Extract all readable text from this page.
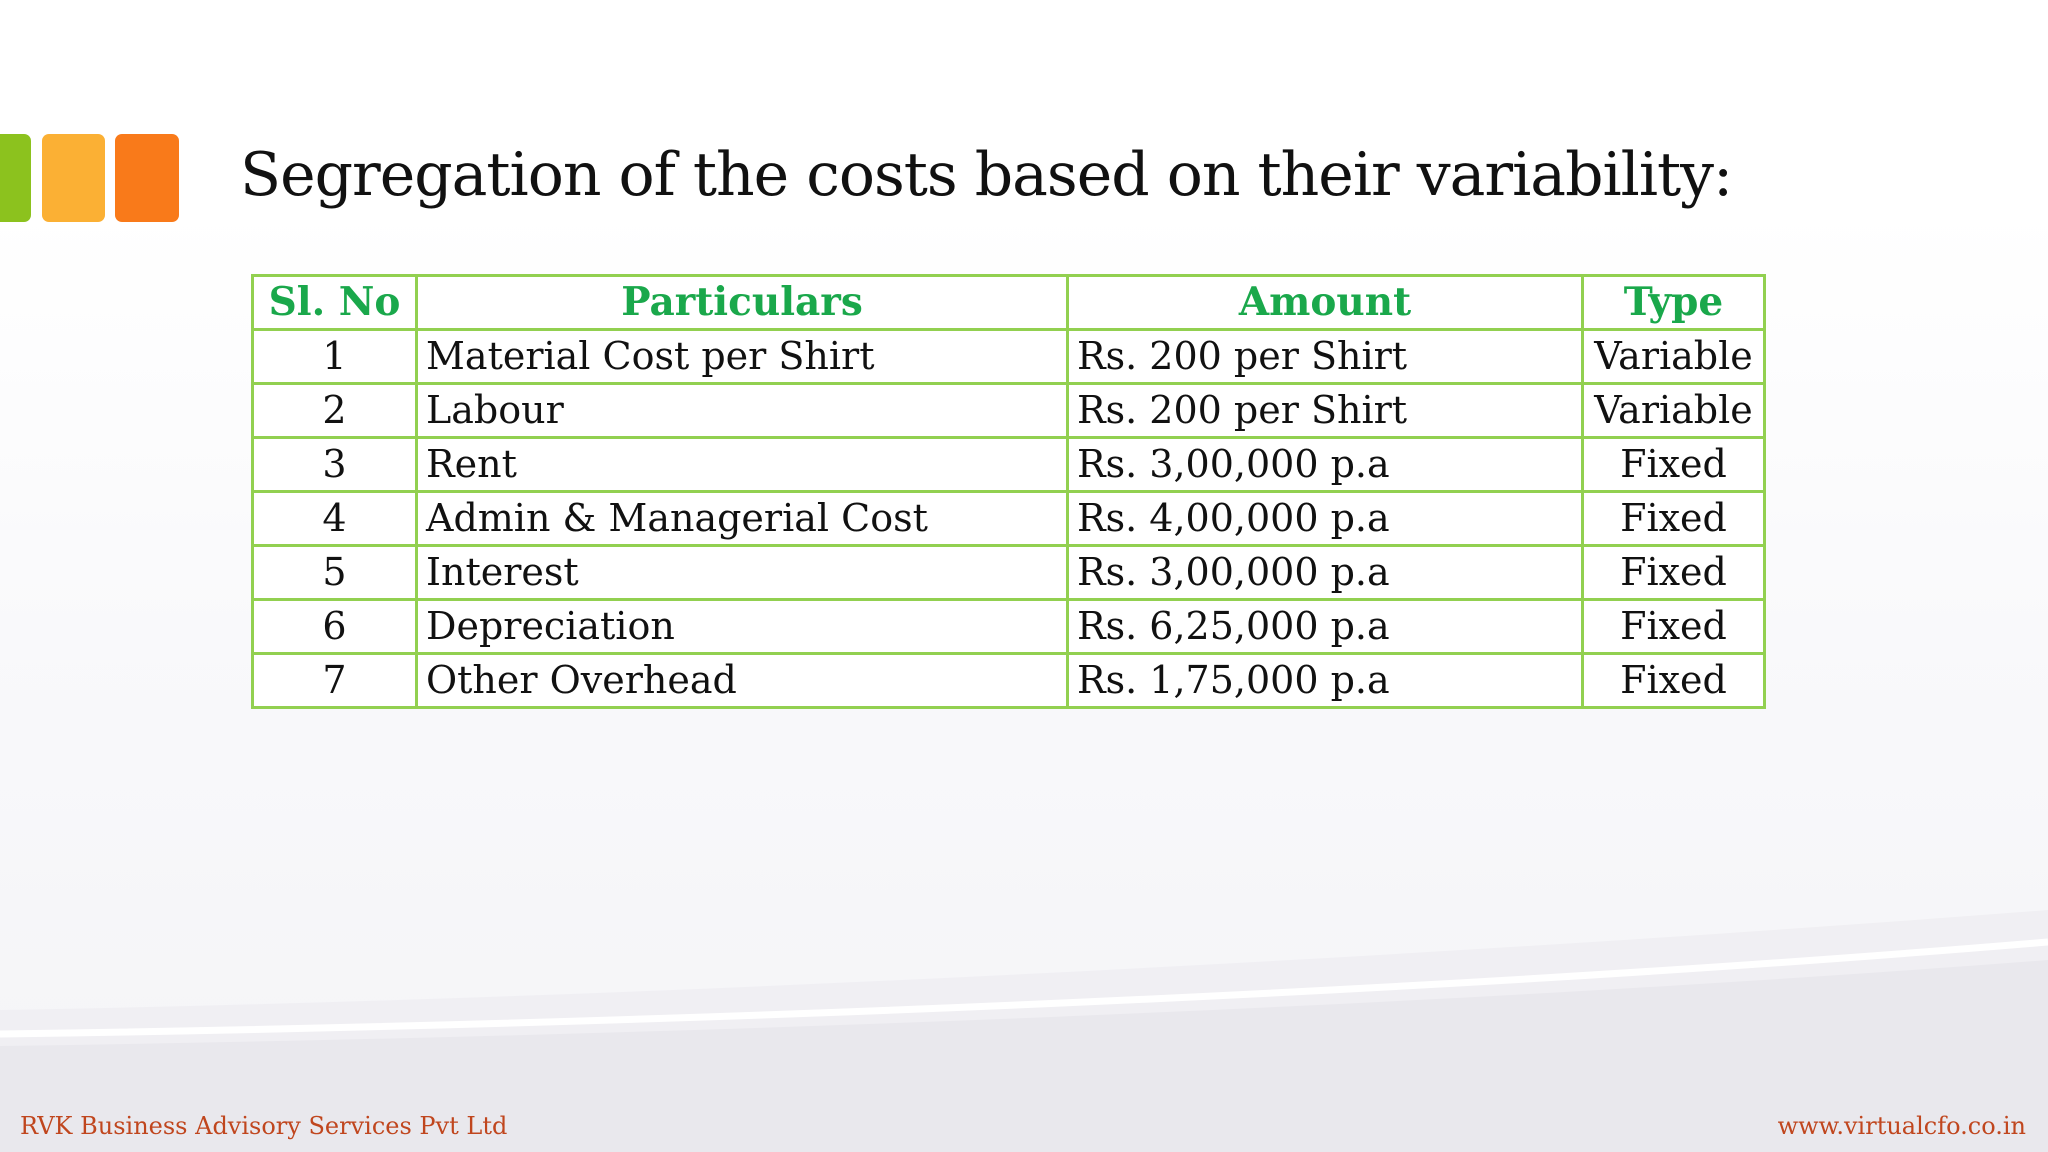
Segregation of the costs based on their variability:
Sl. No	Particulars	Amount	Type
1	Material Cost per Shirt	Rs. 200 per Shirt	Variable
2	Labour	Rs. 200 per Shirt	Variable
3	Rent	Rs. 3,00,000 p.a	Fixed
4	Admin & Managerial Cost	Rs. 4,00,000 p.a	Fixed
5	Interest	Rs. 3,00,000 p.a	Fixed
6	Depreciation	Rs. 6,25,000 p.a	Fixed
7	Other Overhead	Rs. 1,75,000 p.a	Fixed
RVK Business Advisory Services Pvt Ltd	www.virtualcfo.co.in
